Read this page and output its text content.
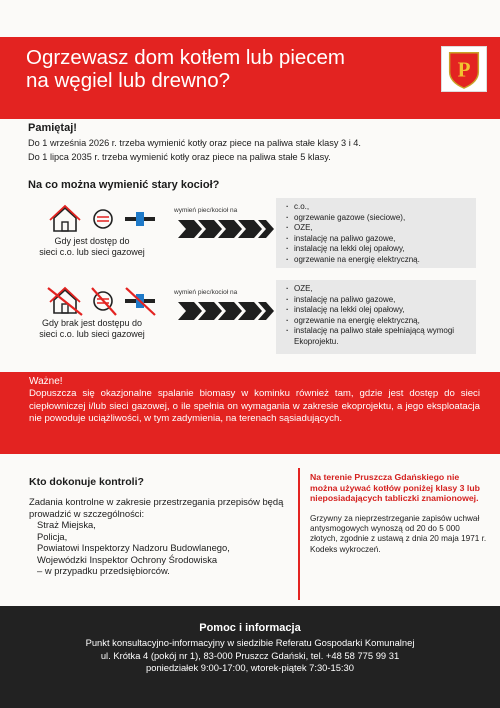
Ogrzewasz dom kotłem lub piecem
na węgiel lub drewno?	P
Pamiętaj!

Do 1 września 2026 r. trzeba wymienić kotły oraz piece na paliwa stałe klasy 3 i 4.

Do 1 lipca 2035 r. trzeba wymienić kotły oraz piece na paliwa stałe 5 klasy.

Na co można wymienić stary kocioł?
Gdy jest dostęp do
sieci c.o. lub sieci gazowej
wymień piec/kocioł na	· c.o.,
· ogrzewanie gazowe (sieciowe),
· OZE,
· instalację na paliwo gazowe,
· instalację na lekki olej opałowy,
· ogrzewanie na energię elektryczną.
Gdy brak jest dostępu do
sieci c.o. lub sieci gazowej
wymień piec/kocioł na	· OZE,
· instalację na paliwo gazowe,
· instalację na lekki olej opałowy,
· ogrzewanie na energię elektryczną,
· instalację na paliwo stałe spełniającą wymogi Ekoprojektu.
Ważne!

Dopuszcza się okazjonalne spalanie biomasy w kominku również tam, gdzie jest dostęp do sieci ciepłowniczej i/lub sieci gazowej, o ile spełnia on wymagania w zakresie ekoprojektu, a jego eksploatacja nie powoduje uciążliwości, w tym zadymienia, na terenach sąsiadujących.

Kto dokonuje kontroli?

Zadania kontrolne w zakresie przestrzegania przepisów będą prowadzić w szczególności:

Straż Miejska,
Policja,
Powiatowi Inspektorzy Nadzoru Budowlanego,
Wojewódzki Inspektor Ochrony Środowiska
– w przypadku przedsiębiorców.

Na terenie Pruszcza Gdańskiego nie można używać kotłów poniżej klasy 3 lub nieposiadających tabliczki znamionowej.

Grzywny za nieprzestrzeganie zapisów uchwał antysmogowych wynoszą od 20 do 5 000 złotych, zgodnie z ustawą z dnia 20 maja 1971 r. Kodeks wykroczeń.

Pomoc i informacja

Punkt konsultacyjno-informacyjny w siedzibie Referatu Gospodarki Komunalnej

ul. Krótka 4 (pokój nr 1), 83-000 Pruszcz Gdański, tel. +48 58 775 99 31

poniedziałek 9:00-17:00, wtorek-piątek 7:30-15:30
